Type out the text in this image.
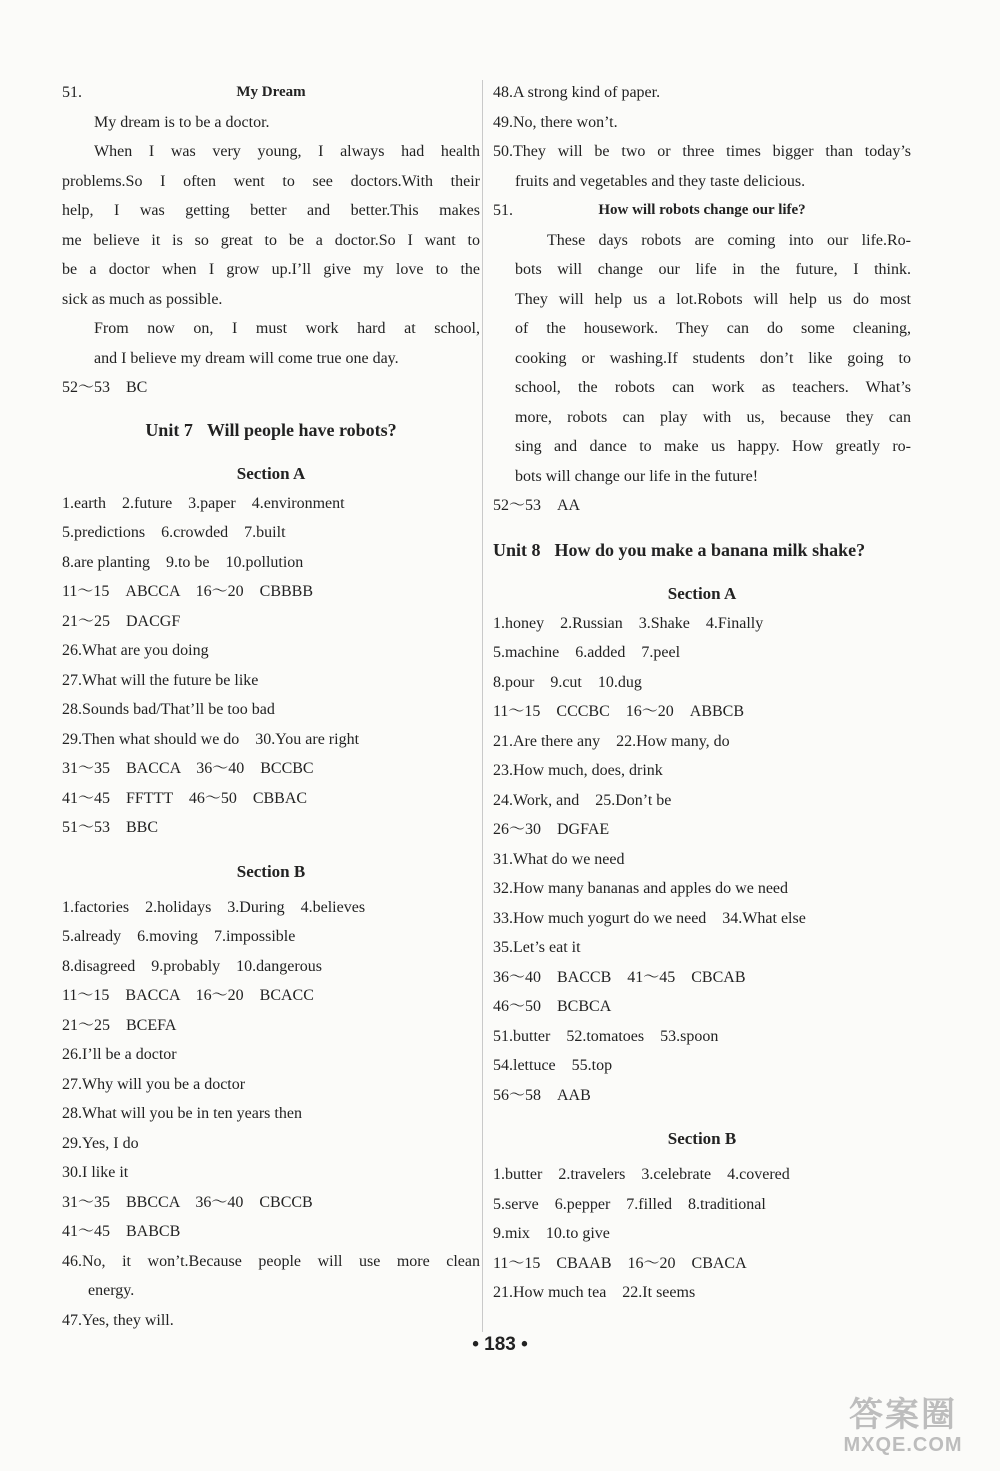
51.	My Dream
My dream is to be a doctor.
When I was very young, I always had health
problems.So I often went to see doctors.With their
help, I was getting better and better.This makes
me believe it is so great to be a doctor.So I want to
be a doctor when I grow up.I’ll give my love to the
sick as much as possible.
From now on, I must work hard at school,
and I believe my dream will come true one day.
52～53　BC
Unit 7 Will people have robots?
Section A
1.earth　2.future　3.paper　4.environment
5.predictions　6.crowded　7.built
8.are planting　9.to be　10.pollution
11～15　ABCCA　16～20　CBBBB
21～25　DACGF
26.What are you doing
27.What will the future be like
28.Sounds bad/That’ll be too bad
29.Then what should we do　30.You are right
31～35　BACCA　36～40　BCCBC
41～45　FFTTT　46～50　CBBAC
51～53　BBC
Section B
1.factories　2.holidays　3.During　4.believes
5.already　6.moving　7.impossible
8.disagreed　9.probably　10.dangerous
11～15　BACCA　16～20　BCACC
21～25　BCEFA
26.I’ll be a doctor
27.Why will you be a doctor
28.What will you be in ten years then
29.Yes, I do
30.I like it
31～35　BBCCA　36～40　CBCCB
41～45　BABCB
46.No, it won’t.Because people will use more clean
energy.
47.Yes, they will.
48.A strong kind of paper.
49.No, there won’t.
50.They will be two or three times bigger than today’s
fruits and vegetables and they taste delicious.
51.	How will robots change our life?
These days robots are coming into our life.Ro-
bots will change our life in the future, I think.
They will help us a lot.Robots will help us do most
of the housework. They can do some cleaning,
cooking or washing.If students don’t like going to
school, the robots can work as teachers. What’s
more, robots can play with us, because they can
sing and dance to make us happy. How greatly ro-
bots will change our life in the future!
52～53　AA
Unit 8 How do you make a banana milk shake?
Section A
1.honey　2.Russian　3.Shake　4.Finally
5.machine　6.added　7.peel
8.pour　9.cut　10.dug
11～15　CCCBC　16～20　ABBCB
21.Are there any　22.How many, do
23.How much, does, drink
24.Work, and　25.Don’t be
26～30　DGFAE
31.What do we need
32.How many bananas and apples do we need
33.How much yogurt do we need　34.What else
35.Let’s eat it
36～40　BACCB　41～45　CBCAB
46～50　BCBCA
51.butter　52.tomatoes　53.spoon
54.lettuce　55.top
56～58　AAB
Section B
1.butter　2.travelers　3.celebrate　4.covered
5.serve　6.pepper　7.filled　8.traditional
9.mix　10.to give
11～15　CBAAB　16～20　CBACA
21.How much tea　22.It seems
• 183 •
答案圈
MXQE.COM
